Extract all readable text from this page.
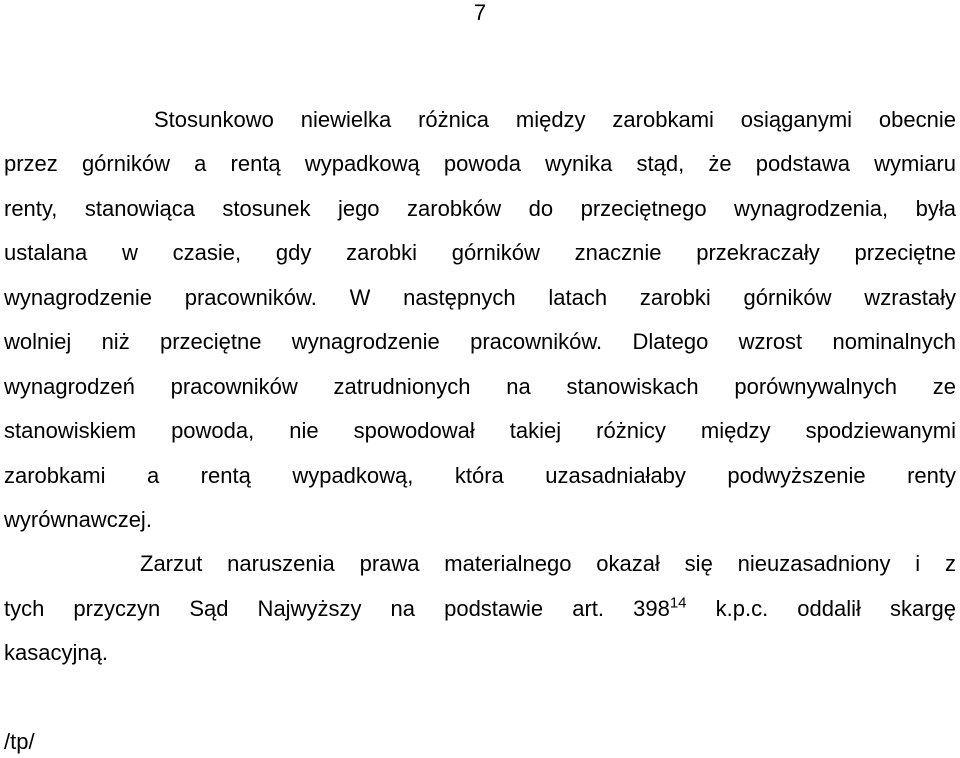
7
Stosunkowo niewielka różnica między zarobkami osiąganymi obecnie
przez górników a rentą wypadkową powoda wynika stąd, że podstawa wymiaru
renty, stanowiąca stosunek jego zarobków do przeciętnego wynagrodzenia, była
ustalana w czasie, gdy zarobki górników znacznie przekraczały przeciętne
wynagrodzenie pracowników. W następnych latach zarobki górników wzrastały
wolniej niż przeciętne wynagrodzenie pracowników. Dlatego wzrost nominalnych
wynagrodzeń pracowników zatrudnionych na stanowiskach porównywalnych ze
stanowiskiem powoda, nie spowodował takiej różnicy między spodziewanymi
zarobkami a rentą wypadkową, która uzasadniałaby podwyższenie renty
wyrównawczej.
Zarzut naruszenia prawa materialnego okazał się nieuzasadniony i z
tych przyczyn Sąd Najwyższy na podstawie art. $398^{14}$ k.p.c. oddalił skargę
kasacyjną.
/tp/
